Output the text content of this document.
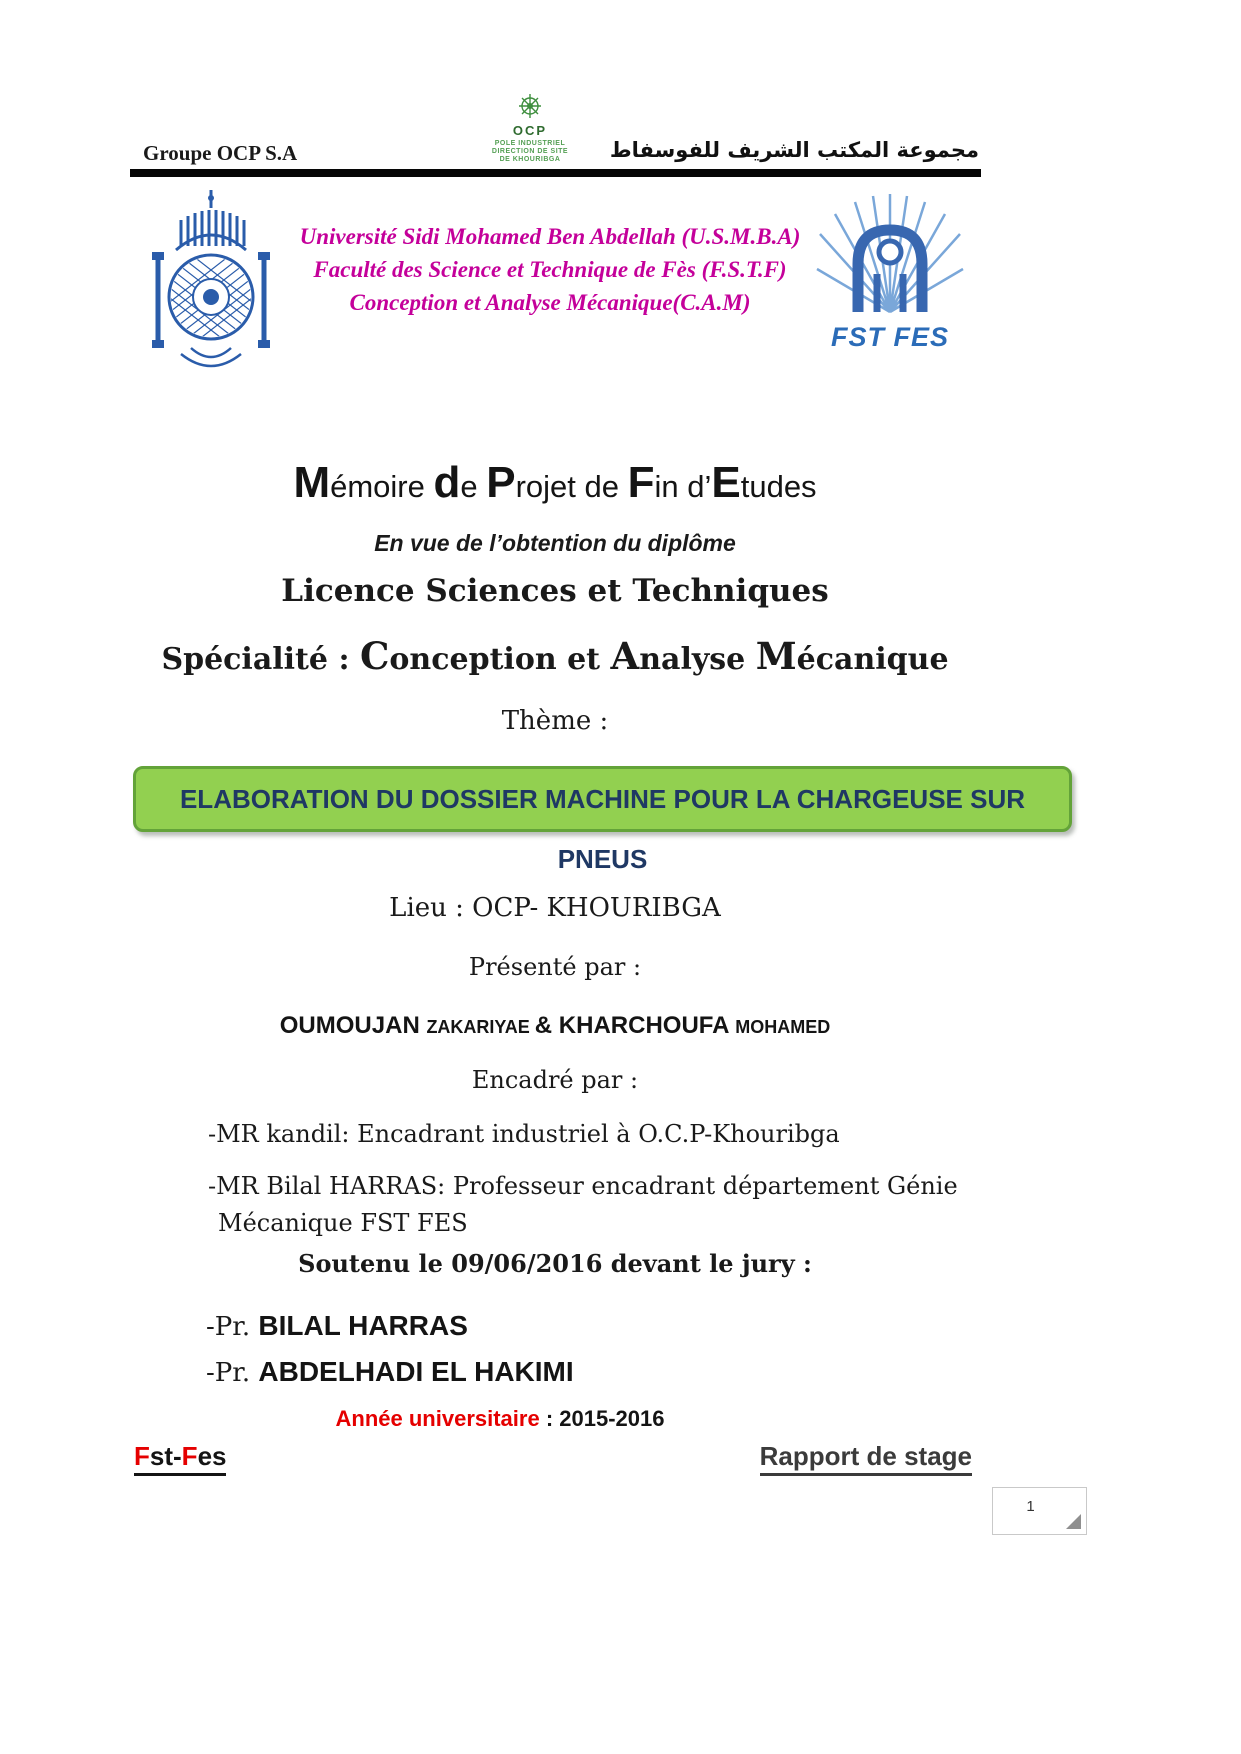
Groupe OCP S.A
OCP
POLE INDUSTRIEL
DIRECTION DE SITE
DE KHOURIBGA	مجموعة المكتب الشريف للفوسفاط
Université Sidi Mohamed Ben Abdellah (U.S.M.B.A)
Faculté des Science et Technique de Fès (F.S.T.F)
Conception et Analyse Mécanique(C.A.M)
FST FES
Mémoire de Projet de Fin d’Etudes
En vue de l’obtention du diplôme
Licence Sciences et Techniques
Spécialité : Conception et Analyse Mécanique
Thème :
ELABORATION DU DOSSIER MACHINE POUR LA CHARGEUSE SUR PNEUS
Lieu : OCP- KHOURIBGA
Présenté par :
OUMOUJAN ZAKARIYAE & KHARCHOUFA MOHAMED
Encadré par :
-MR kandil: Encadrant industriel à O.C.P-Khouribga
-MR Bilal HARRAS: Professeur encadrant département Génie
Mécanique FST FES
Soutenu le 09/06/2016 devant le jury :
-Pr. BILAL HARRAS
-Pr. ABDELHADI EL HAKIMI
Année universitaire : 2015-2016
Fst-Fes	Rapport de stage
1
